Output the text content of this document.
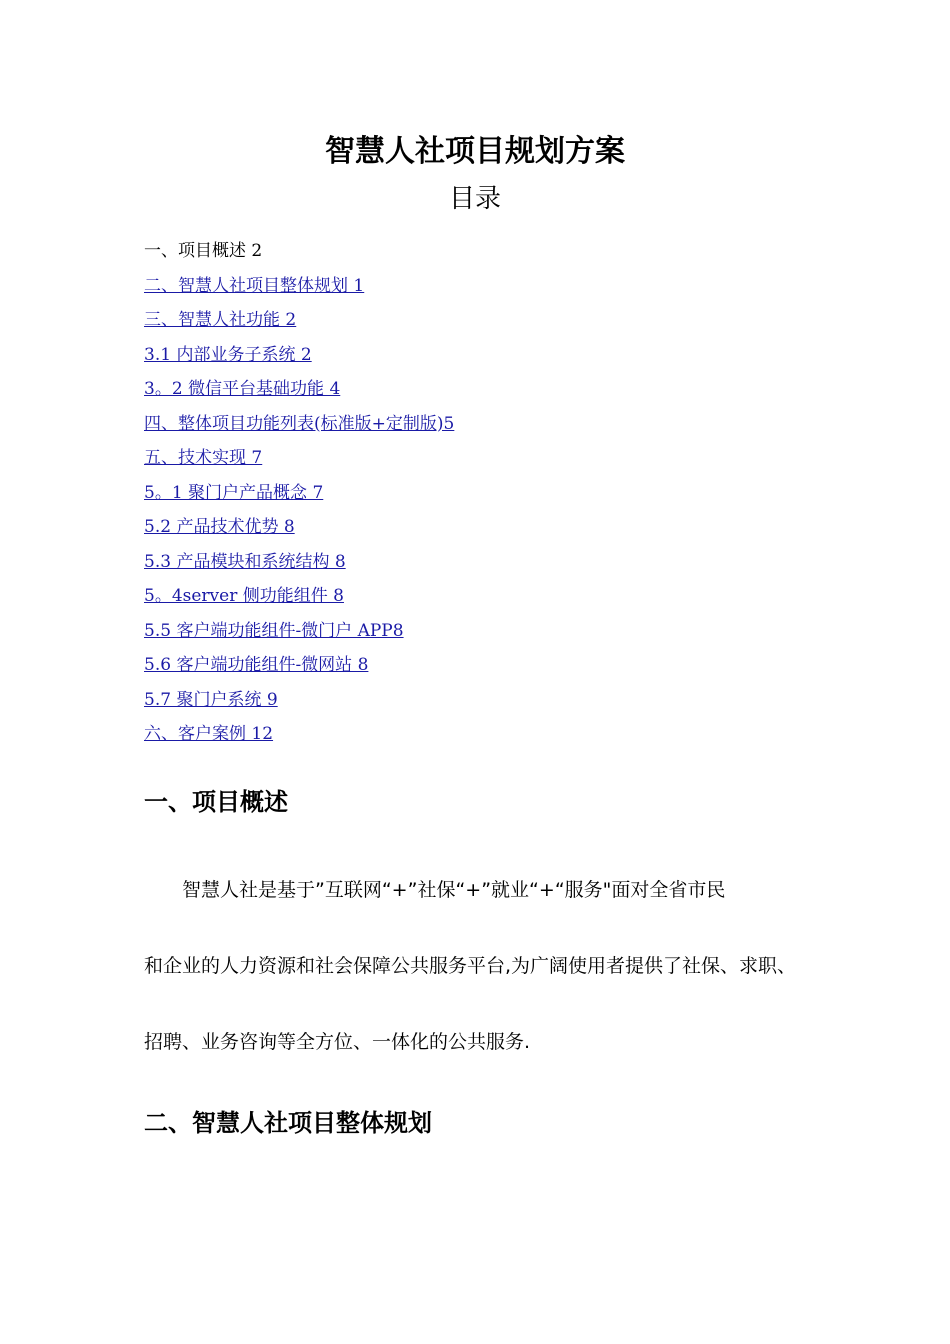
智慧人社项目规划方案
目录
一、项目概述 2
二、智慧人社项目整体规划 1
三、智慧人社功能 2
3.1 内部业务子系统 2
3。2 微信平台基础功能 4
四、整体项目功能列表(标准版+定制版)5
五、技术实现 7
5。1 聚门户产品概念 7
5.2 产品技术优势 8
5.3 产品模块和系统结构 8
5。4server 侧功能组件 8
5.5 客户端功能组件-微门户 APP8
5.6 客户端功能组件-微网站 8
5.7 聚门户系统 9
六、客户案例 12
一、项目概述

智慧人社是基于”互联网“+”社保“+”就业“+“服务"面对全省市民
和企业的人力资源和社会保障公共服务平台,为广阔使用者提供了社保、求职、
招聘、业务咨询等全方位、一体化的公共服务.

二、智慧人社项目整体规划
